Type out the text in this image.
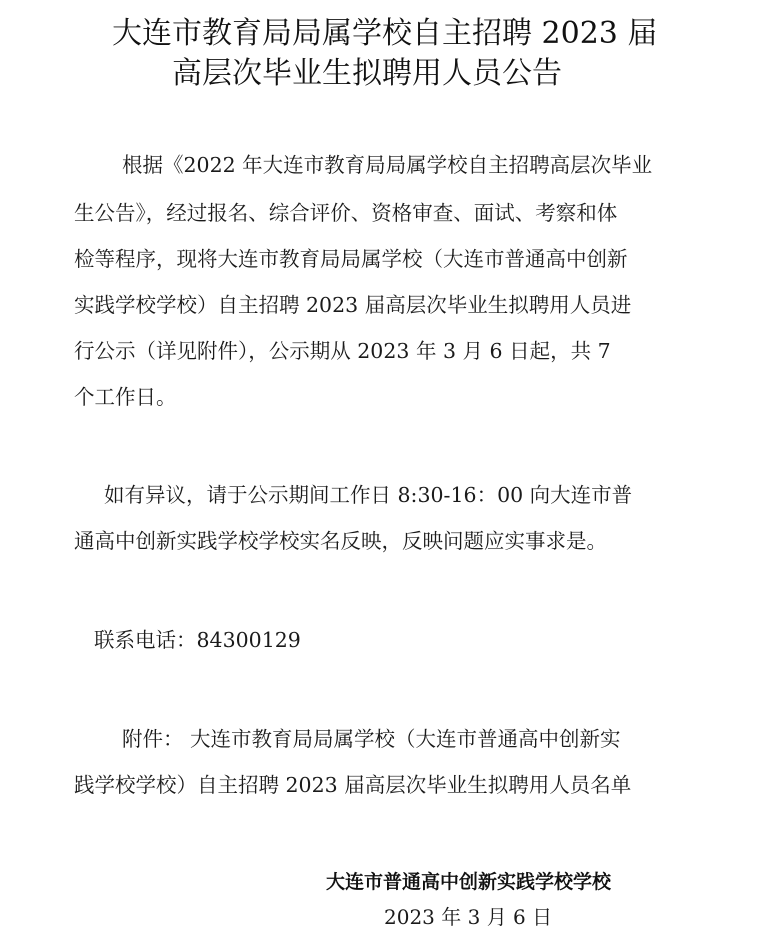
大连市教育局局属学校自主招聘 2023 届
高层次毕业生拟聘用人员公告
根据《2022 年大连市教育局局属学校自主招聘高层次毕业
生公告》，经过报名、综合评价、资格审查、面试、考察和体
检等程序，现将大连市教育局局属学校（大连市普通高中创新
实践学校学校）自主招聘 2023 届高层次毕业生拟聘用人员进
行公示（详见附件），公示期从 2023 年 3 月 6 日起，共 7
个工作日。
如有异议，请于公示期间工作日 8:30-16：00 向大连市普
通高中创新实践学校学校实名反映，反映问题应实事求是。
联系电话：84300129
附件： 大连市教育局局属学校（大连市普通高中创新实
践学校学校）自主招聘 2023 届高层次毕业生拟聘用人员名单
大连市普通高中创新实践学校学校
2023 年 3 月 6 日
